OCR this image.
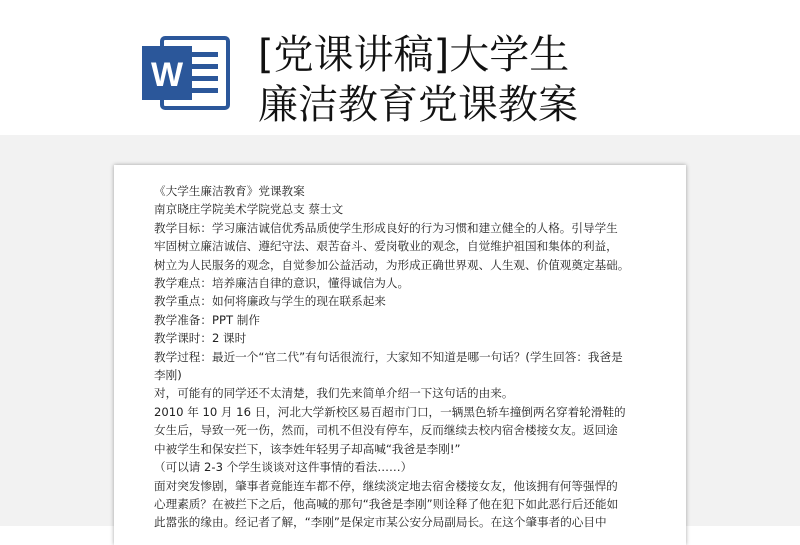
W [党课讲稿]大学生
廉洁教育党课教案

《大学生廉洁教育》党课教案

南京晓庄学院美术学院党总支 蔡士文

教学目标：学习廉洁诚信优秀品质使学生形成良好的行为习惯和建立健全的人格。引导学生

牢固树立廉洁诚信、遵纪守法、艰苦奋斗、爱岗敬业的观念，自觉维护祖国和集体的利益，

树立为人民服务的观念，自觉参加公益活动，为形成正确世界观、人生观、价值观奠定基础。

教学难点：培养廉洁自律的意识，懂得诚信为人。

教学重点：如何将廉政与学生的现在联系起来

教学准备：PPT 制作

教学课时：2 课时

教学过程：最近一个“官二代”有句话很流行，大家知不知道是哪一句话？(学生回答：我爸是

李刚)

对，可能有的同学还不太清楚，我们先来简单介绍一下这句话的由来。

2010 年 10 月 16 日，河北大学新校区易百超市门口，一辆黑色轿车撞倒两名穿着轮滑鞋的

女生后，导致一死一伤，然而，司机不但没有停车，反而继续去校内宿舍楼接女友。返回途

中被学生和保安拦下，该李姓年轻男子却高喊“我爸是李刚!”

（可以请 2-3 个学生谈谈对这件事情的看法……）

面对突发惨剧，肇事者竟能连车都不停，继续淡定地去宿舍楼接女友，他该拥有何等强悍的

心理素质？在被拦下之后，他高喊的那句“我爸是李刚”则诠释了他在犯下如此恶行后还能如

此嚣张的缘由。经记者了解，“李刚”是保定市某公安分局副局长。在这个肇事者的心目中
